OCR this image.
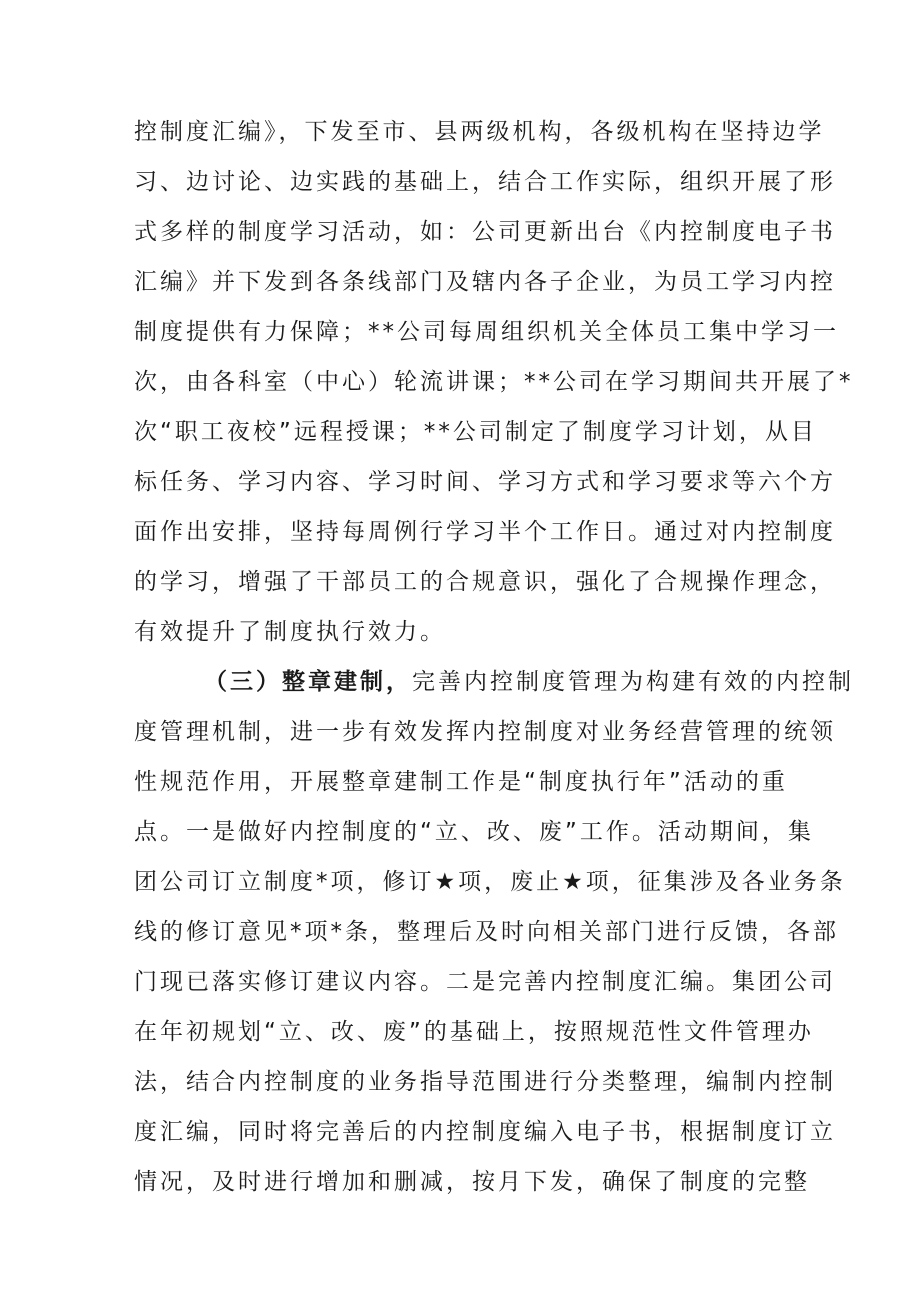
控制度汇编》，下发至市、县两级机构，各级机构在坚持边学
习、边讨论、边实践的基础上，结合工作实际，组织开展了形
式多样的制度学习活动，如：公司更新出台《内控制度电子书
汇编》并下发到各条线部门及辖内各子企业，为员工学习内控
制度提供有力保障；**公司每周组织机关全体员工集中学习一
次，由各科室（中心）轮流讲课；**公司在学习期间共开展了*
次“职工夜校”远程授课；**公司制定了制度学习计划，从目
标任务、学习内容、学习时间、学习方式和学习要求等六个方
面作出安排，坚持每周例行学习半个工作日。通过对内控制度
的学习，增强了干部员工的合规意识，强化了合规操作理念，
有效提升了制度执行效力。
（三）整章建制，完善内控制度管理为构建有效的内控制
度管理机制，进一步有效发挥内控制度对业务经营管理的统领
性规范作用，开展整章建制工作是“制度执行年”活动的重
点。一是做好内控制度的“立、改、废”工作。活动期间，集
团公司订立制度*项，修订★项，废止★项，征集涉及各业务条
线的修订意见*项*条，整理后及时向相关部门进行反馈，各部
门现已落实修订建议内容。二是完善内控制度汇编。集团公司
在年初规划“立、改、废”的基础上，按照规范性文件管理办
法，结合内控制度的业务指导范围进行分类整理，编制内控制
度汇编，同时将完善后的内控制度编入电子书，根据制度订立
情况，及时进行增加和删减，按月下发，确保了制度的完整
